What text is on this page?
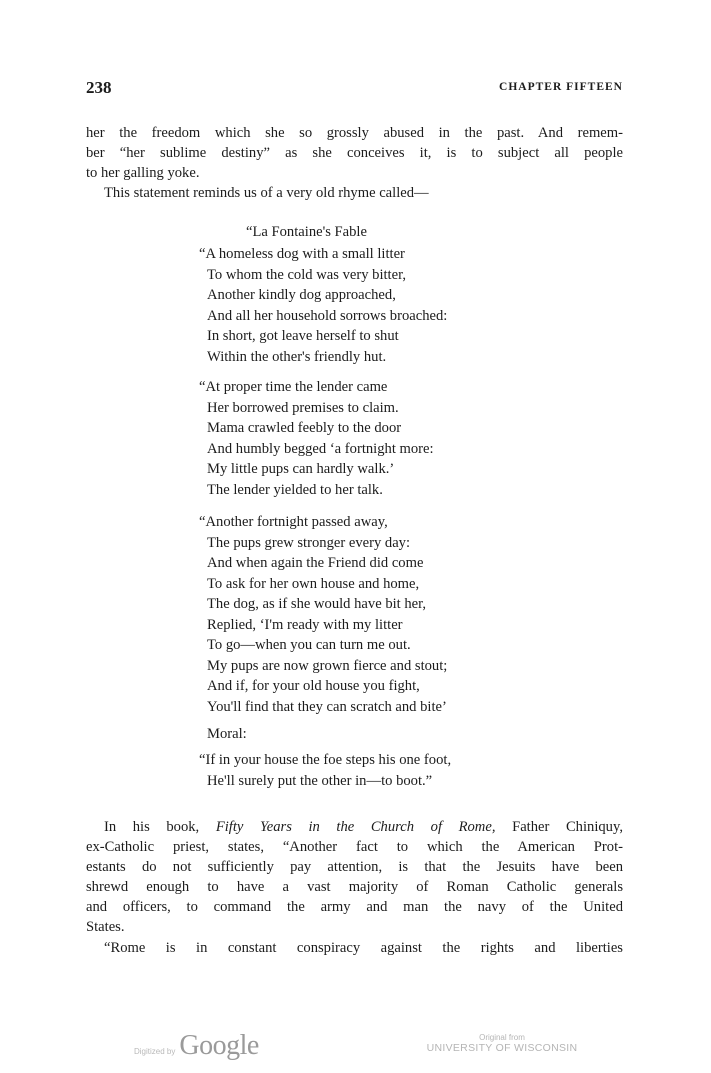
238	CHAPTER FIFTEEN
her the freedom which she so grossly abused in the past. And remem-
ber “her sublime destiny” as she conceives it, is to subject all people
to her galling yoke.
This statement reminds us of a very old rhyme called—
“La Fontaine's Fable
“A homeless dog with a small litter
To whom the cold was very bitter,
Another kindly dog approached,
And all her household sorrows broached:
In short, got leave herself to shut
Within the other's friendly hut.
“At proper time the lender came
Her borrowed premises to claim.
Mama crawled feebly to the door
And humbly begged ‘a fortnight more:
My little pups can hardly walk.’
The lender yielded to her talk.
“Another fortnight passed away,
The pups grew stronger every day:
And when again the Friend did come
To ask for her own house and home,
The dog, as if she would have bit her,
Replied, ‘I'm ready with my litter
To go—when you can turn me out.
My pups are now grown fierce and stout;
And if, for your old house you fight,
You'll find that they can scratch and bite’
Moral:
“If in your house the foe steps his one foot,
He'll surely put the other in—to boot.”
In his book, Fifty Years in the Church of Rome, Father Chiniquy,
ex-Catholic priest, states, “Another fact to which the American Prot-
estants do not sufficiently pay attention, is that the Jesuits have been
shrewd enough to have a vast majority of Roman Catholic generals
and officers, to command the army and man the navy of the United
States.
“Rome is in constant conspiracy against the rights and liberties
Digitized by Google	Original from
UNIVERSITY OF WISCONSIN
